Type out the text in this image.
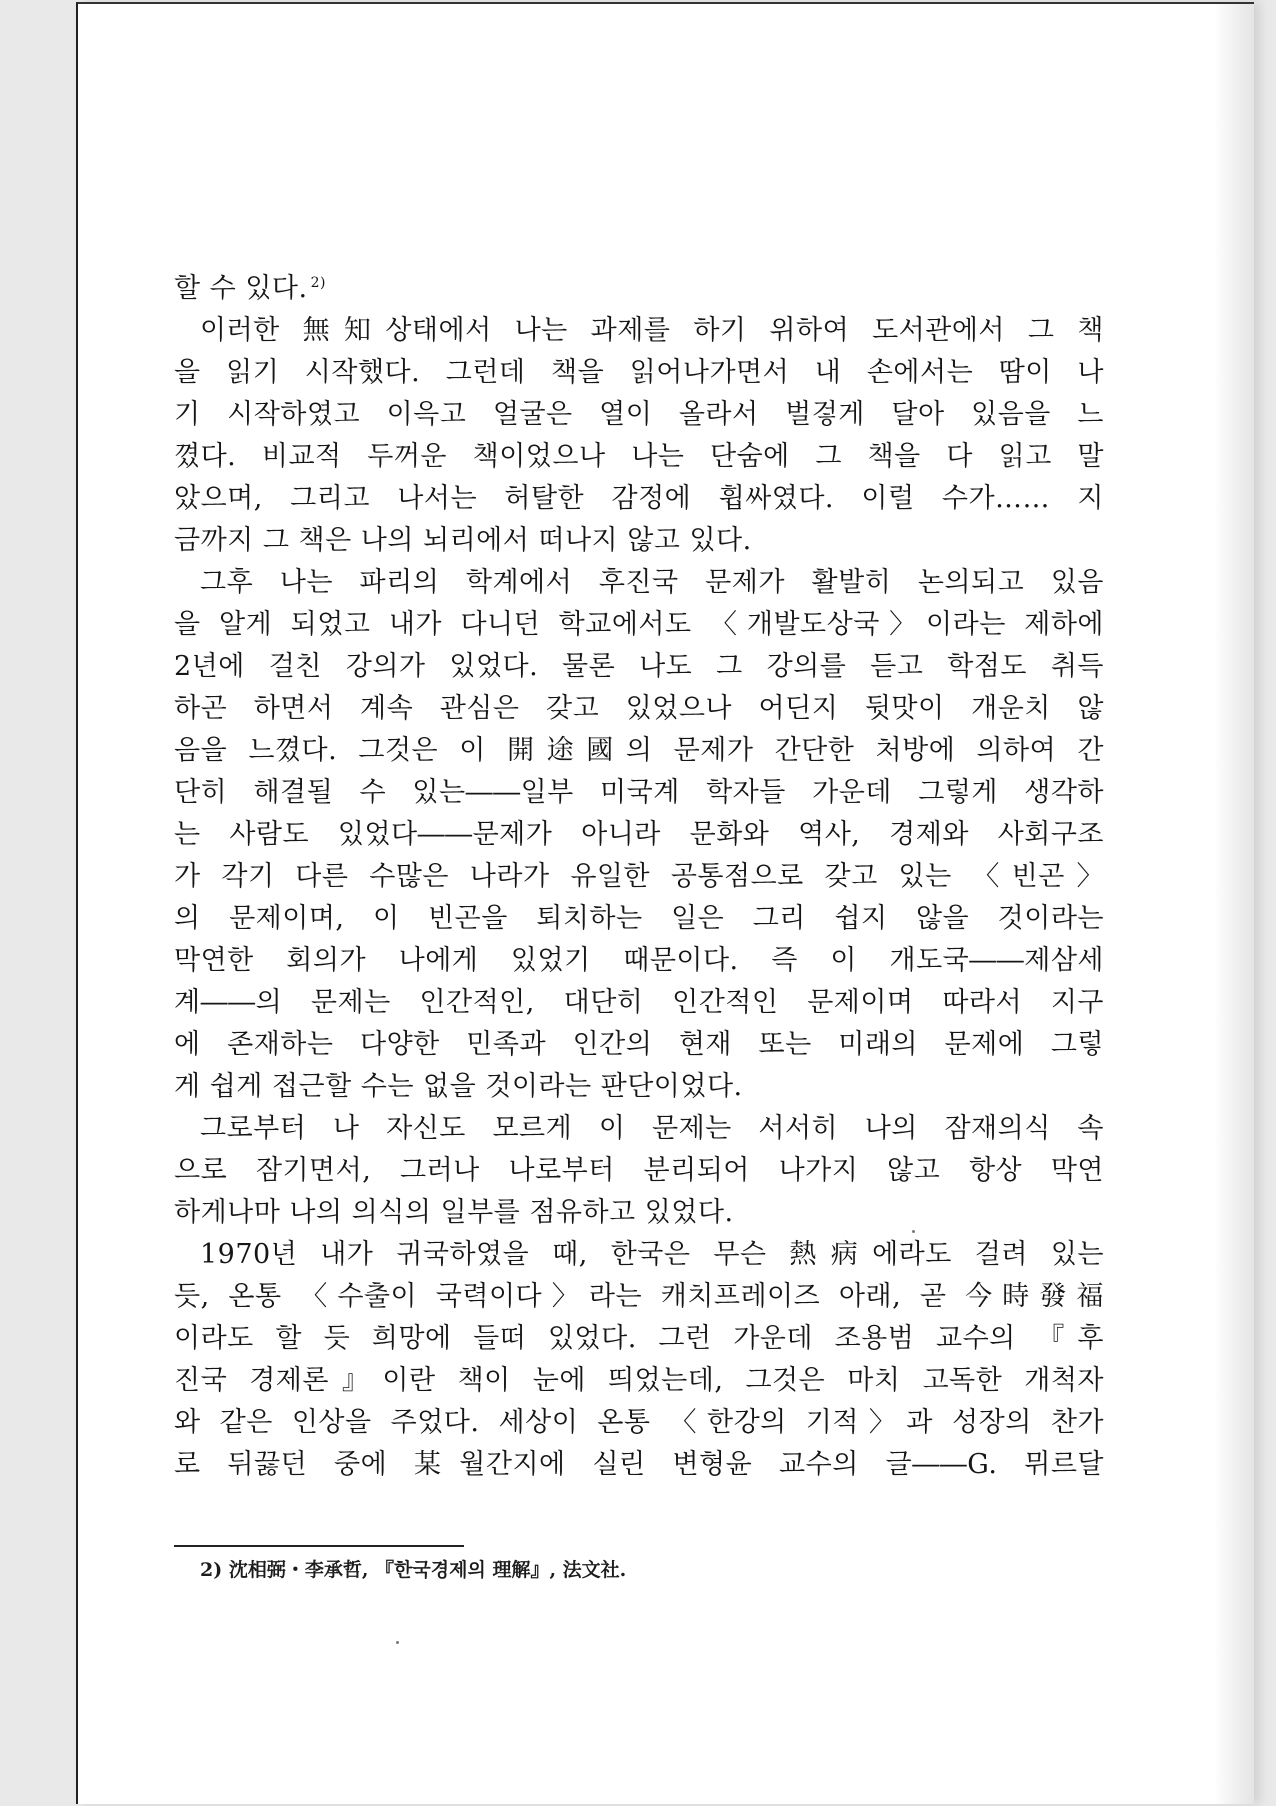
할 수 있다. $^{2)}$
이러한 無知상태에서 나는 과제를 하기 위하여 도서관에서 그 책
을 읽기 시작했다. 그런데 책을 읽어나가면서 내 손에서는 땀이 나
기 시작하였고 이윽고 얼굴은 열이 올라서 벌겋게 달아 있음을 느
꼈다. 비교적 두꺼운 책이었으나 나는 단숨에 그 책을 다 읽고 말
았으며, 그리고 나서는 허탈한 감정에 휩싸였다. 이럴 수가…… 지
금까지 그 책은 나의 뇌리에서 떠나지 않고 있다.
그후 나는 파리의 학계에서 후진국 문제가 활발히 논의되고 있음
을 알게 되었고 내가 다니던 학교에서도 〈개발도상국〉이라는 제하에
2년에 걸친 강의가 있었다. 물론 나도 그 강의를 듣고 학점도 취득
하곤 하면서 계속 관심은 갖고 있었으나 어딘지 뒷맛이 개운치 않
음을 느꼈다. 그것은 이 開途國의 문제가 간단한 처방에 의하여 간
단히 해결될 수 있는――일부 미국계 학자들 가운데 그렇게 생각하
는 사람도 있었다――문제가 아니라 문화와 역사, 경제와 사회구조
가 각기 다른 수많은 나라가 유일한 공통점으로 갖고 있는 〈빈곤〉
의 문제이며, 이 빈곤을 퇴치하는 일은 그리 쉽지 않을 것이라는
막연한 회의가 나에게 있었기 때문이다. 즉 이 개도국――제삼세
계――의 문제는 인간적인, 대단히 인간적인 문제이며 따라서 지구
에 존재하는 다양한 민족과 인간의 현재 또는 미래의 문제에 그렇
게 쉽게 접근할 수는 없을 것이라는 판단이었다.
그로부터 나 자신도 모르게 이 문제는 서서히 나의 잠재의식 속
으로 잠기면서, 그러나 나로부터 분리되어 나가지 않고 항상 막연
하게나마 나의 의식의 일부를 점유하고 있었다.
1970년 내가 귀국하였을 때, 한국은 무슨 熱病에라도 걸려 있는
듯, 온통 〈수출이 국력이다〉라는 캐치프레이즈 아래, 곧 今時發福
이라도 할 듯 희망에 들떠 있었다. 그런 가운데 조용범 교수의 『후
진국 경제론』이란 책이 눈에 띄었는데, 그것은 마치 고독한 개척자
와 같은 인상을 주었다. 세상이 온통 〈한강의 기적〉과 성장의 찬가
로 뒤끓던 중에 某월간지에 실린 변형윤 교수의 글――G. 뮈르달
2) 沈相弼・李承哲, 『한국경제의 理解』, 法文社.
